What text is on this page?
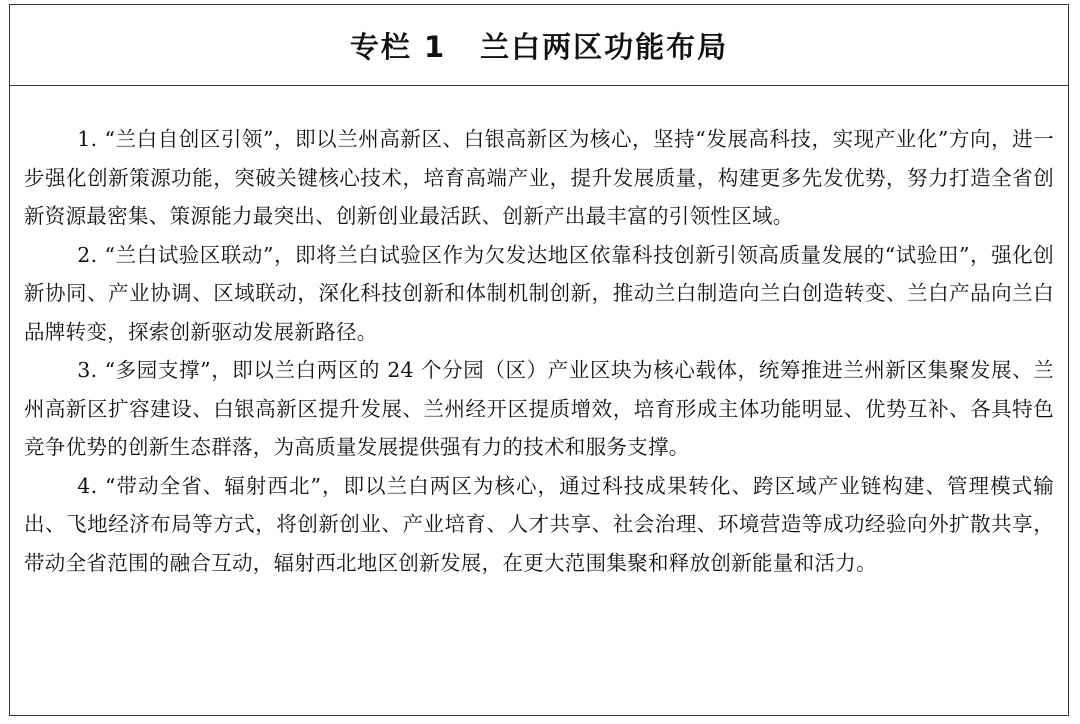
专栏 1 兰白两区功能布局

1. “兰白自创区引领”，即以兰州高新区、白银高新区为核心，坚持“发展高科技，实现产业化”方向，进一步强化创新策源功能，突破关键核心技术，培育高端产业，提升发展质量，构建更多先发优势，努力打造全省创新资源最密集、策源能力最突出、创新创业最活跃、创新产出最丰富的引领性区域。

2. “兰白试验区联动”，即将兰白试验区作为欠发达地区依靠科技创新引领高质量发展的“试验田”，强化创新协同、产业协调、区域联动，深化科技创新和体制机制创新，推动兰白制造向兰白创造转变、兰白产品向兰白品牌转变，探索创新驱动发展新路径。

3. “多园支撑”，即以兰白两区的 24 个分园（区）产业区块为核心载体，统筹推进兰州新区集聚发展、兰州高新区扩容建设、白银高新区提升发展、兰州经开区提质增效，培育形成主体功能明显、优势互补、各具特色竞争优势的创新生态群落，为高质量发展提供强有力的技术和服务支撑。

4. “带动全省、辐射西北”，即以兰白两区为核心，通过科技成果转化、跨区域产业链构建、管理模式输出、飞地经济布局等方式，将创新创业、产业培育、人才共享、社会治理、环境营造等成功经验向外扩散共享，带动全省范围的融合互动，辐射西北地区创新发展，在更大范围集聚和释放创新能量和活力。
